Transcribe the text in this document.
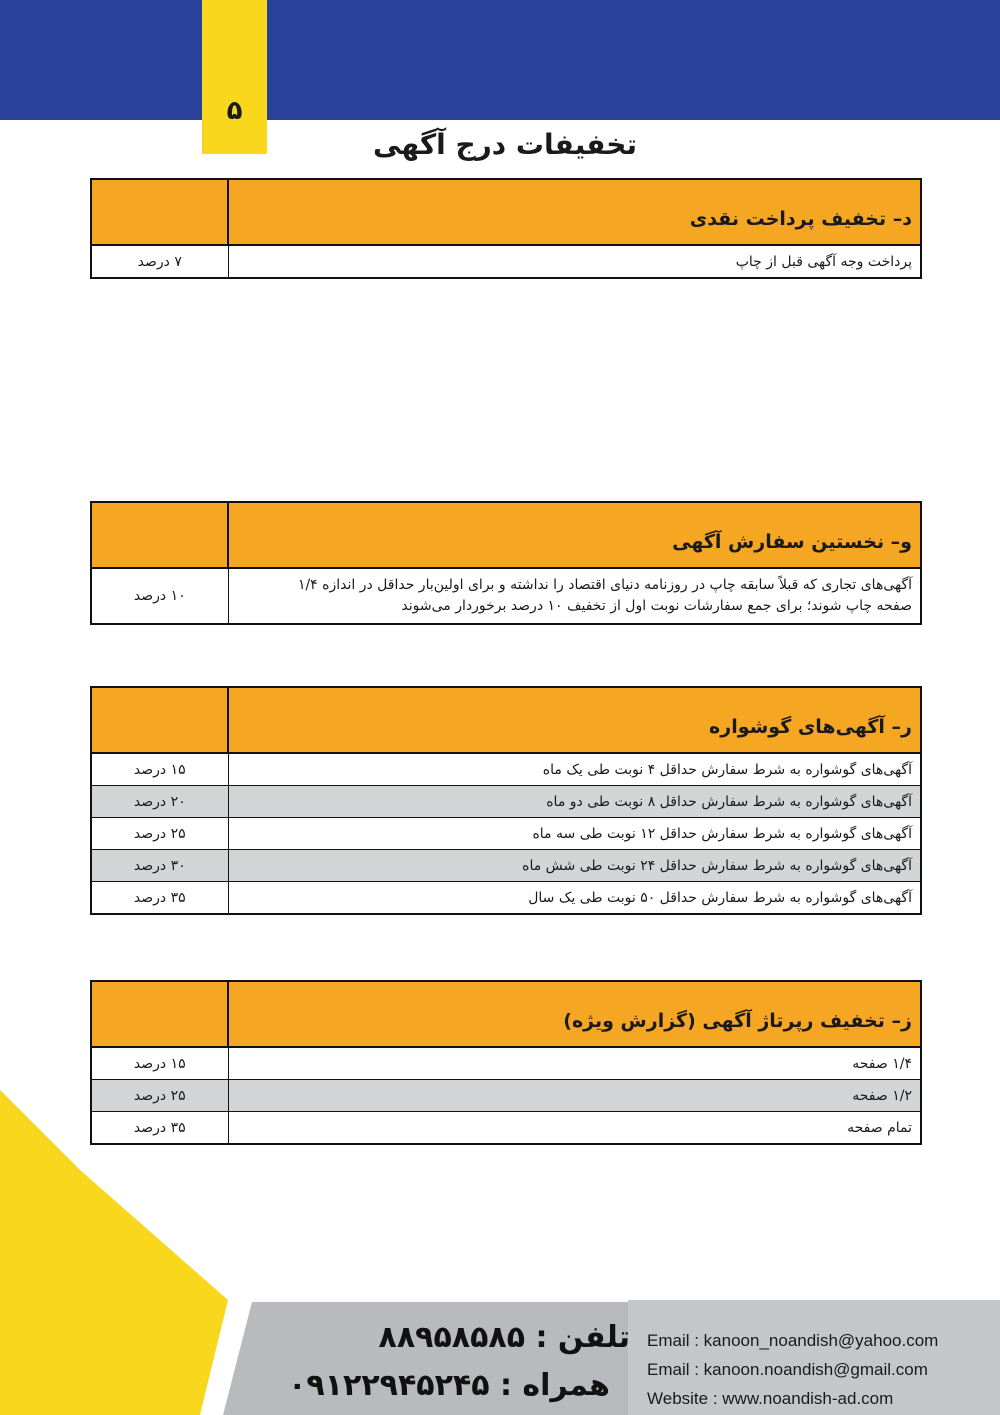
۵
تخفیفات درج آگهی
د– تخفیف پرداخت نقدی	
پرداخت وجه آگهی قبل از چاپ	۷ درصد
و– نخستین سفارش آگهی	

آگهی‌های تجاری که قبلاً سابقه چاپ در روزنامه دنیای اقتصاد را نداشته و برای اولین‌بار حداقل در اندازه ۱/۴
صفحه چاپ شوند؛ برای جمع سفارشات نوبت اول از تخفیف ۱۰ درصد برخوردار می‌شوند	۱۰ درصد
ر– آگهی‌های گوشواره	
آگهی‌های گوشواره به شرط سفارش حداقل ۴ نوبت طی یک ماه	۱۵ درصد
آگهی‌های گوشواره به شرط سفارش حداقل ۸ نوبت طی دو ماه	۲۰ درصد
آگهی‌های گوشواره به شرط سفارش حداقل ۱۲ نوبت طی سه ماه	۲۵ درصد
آگهی‌های گوشواره به شرط سفارش حداقل ۲۴ نوبت طی شش ماه	۳۰ درصد
آگهی‌های گوشواره به شرط سفارش حداقل ۵۰ نوبت طی یک سال	۳۵ درصد
ز– تخفیف رپرتاژ آگهی (گزارش ویژه)	
۱/۴ صفحه	۱۵ درصد
۱/۲ صفحه	۲۵ درصد
تمام صفحه	۳۵ درصد
تلفن : ۸۸۹۵۸۵۸۵
همراه : ۰۹۱۲۲۹۴۵۲۴۵
Email : kanoon_noandish@yahoo.com
Email : kanoon.noandish@gmail.com
Website : www.noandish-ad.com
